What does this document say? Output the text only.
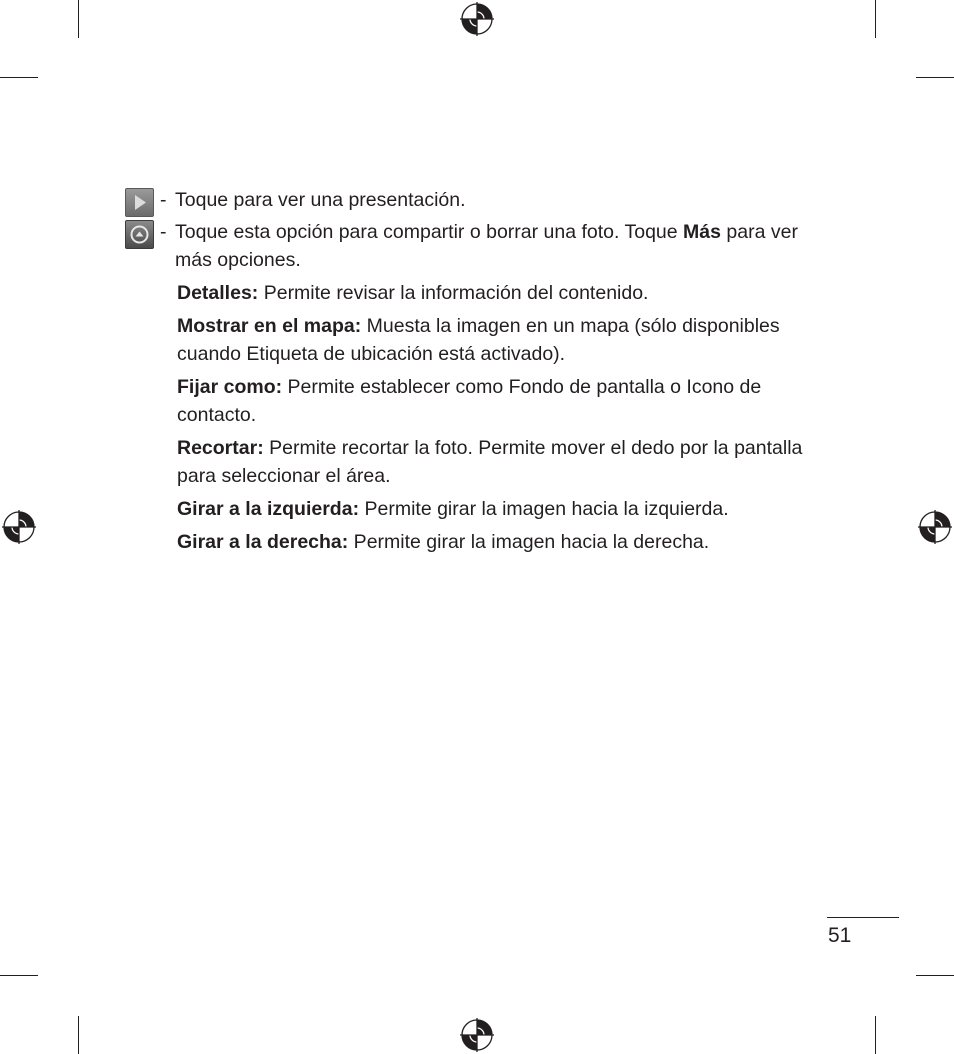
- Toque para ver una presentación.
- Toque esta opción para compartir o borrar una foto. Toque Más para ver más opciones.
Detalles: Permite revisar la información del contenido.
Mostrar en el mapa: Muesta la imagen en un mapa (sólo disponibles cuando Etiqueta de ubicación está activado).
Fijar como: Permite establecer como Fondo de pantalla o Icono de contacto.
Recortar: Permite recortar la foto. Permite mover el dedo por la pantalla para seleccionar el área.
Girar a la izquierda: Permite girar la imagen hacia la izquierda.
Girar a la derecha: Permite girar la imagen hacia la derecha.
51
